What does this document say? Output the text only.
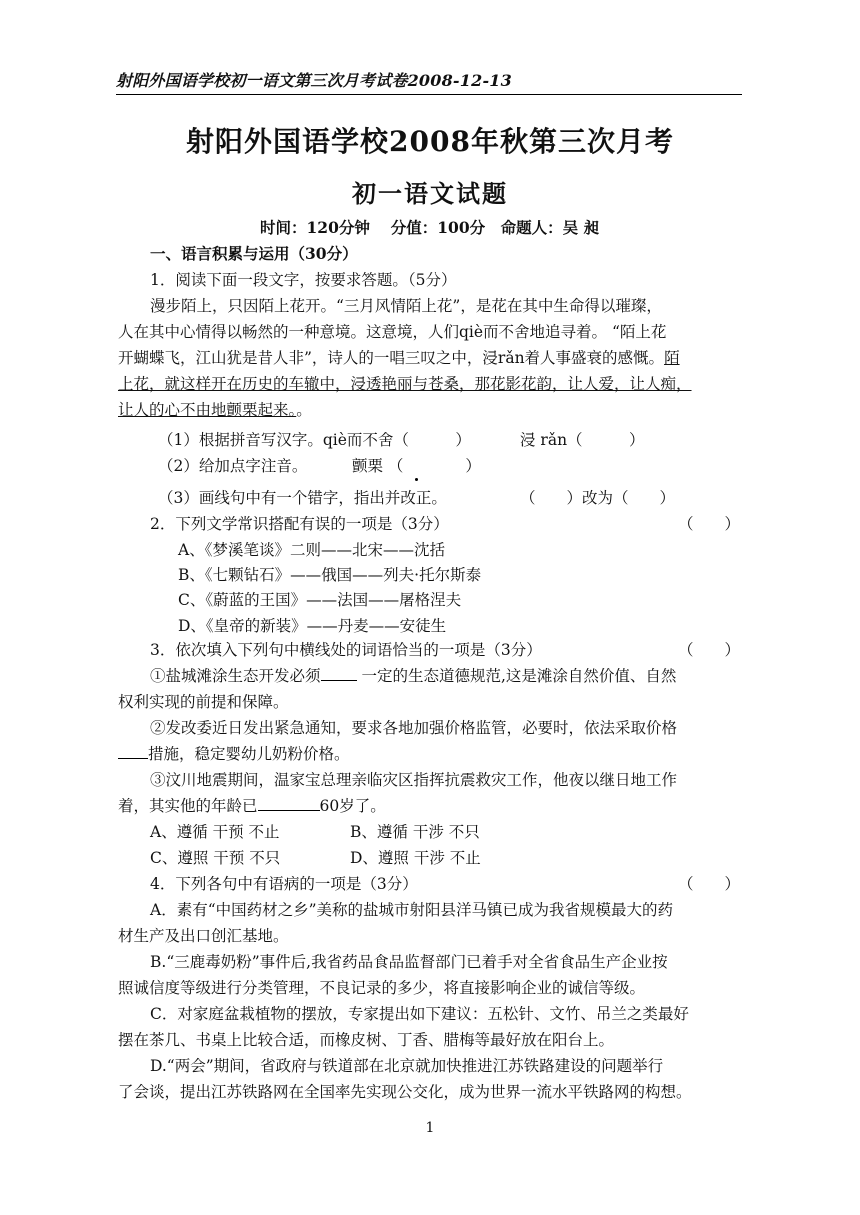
射阳外国语学校初一语文第三次月考试卷2008-12-13
射阳外国语学校2008年秋第三次月考
初一语文试题
时间：120分钟　 分值：100分　命题人：吴 昶
一、语言积累与运用（30分）
1．阅读下面一段文字，按要求答题。（5分）
漫步陌上，只因陌上花开。“三月风情陌上花”，是花在其中生命得以璀璨，
人在其中心情得以畅然的一种意境。这意境，人们qiè而不舍地追寻着。 “陌上花
开蝴蝶飞，江山犹是昔人非”，诗人的一唱三叹之中，浸rǎn着人事盛衰的感慨。陌
上花，就这样开在历史的车辙中，浸透艳丽与苍桑，那花影花韵，让人爱，让人痴，
让人的心不由地颤栗起来。。
（1）根据拼音写汉字。qiè而不舍（　　　）	浸 rǎn（　　　）
（2）给加点字注音。	颤栗 （　　　　）
（3）画线句中有一个错字，指出并改正。	（　　）改为（　　）
2．下列文学常识搭配有误的一项是（3分）	（　　）
A、《梦溪笔谈》二则——北宋——沈括
B、《七颗钻石》——俄国——列夫·托尔斯泰
C、《蔚蓝的王国》——法国——屠格涅夫
D、《皇帝的新装》——丹麦——安徒生
3．依次填入下列句中横线处的词语恰当的一项是（3分）	（　　）
①盐城滩涂生态开发必须	一定的生态道德规范,这是滩涂自然价值、自然
权利实现的前提和保障。
②发改委近日发出紧急通知，要求各地加强价格监管，必要时，依法采取价格
措施，稳定婴幼儿奶粉价格。
③汶川地震期间，温家宝总理亲临灾区指挥抗震救灾工作，他夜以继日地工作
着，其实他的年龄已	60岁了。
A、遵循 干预 不止	B、遵循 干涉 不只
C、遵照 干预 不只	D、遵照 干涉 不止
4．下列各句中有语病的一项是（3分）	（　　）
A．素有“中国药材之乡”美称的盐城市射阳县洋马镇已成为我省规模最大的药
材生产及出口创汇基地。
B.“三鹿毒奶粉”事件后,我省药品食品监督部门已着手对全省食品生产企业按
照诚信度等级进行分类管理，不良记录的多少，将直接影响企业的诚信等级。
C．对家庭盆栽植物的摆放，专家提出如下建议：五松针、文竹、吊兰之类最好
摆在茶几、书桌上比较合适，而橡皮树、丁香、腊梅等最好放在阳台上。
D.“两会”期间，省政府与铁道部在北京就加快推进江苏铁路建设的问题举行
了会谈，提出江苏铁路网在全国率先实现公交化，成为世界一流水平铁路网的构想。
1
